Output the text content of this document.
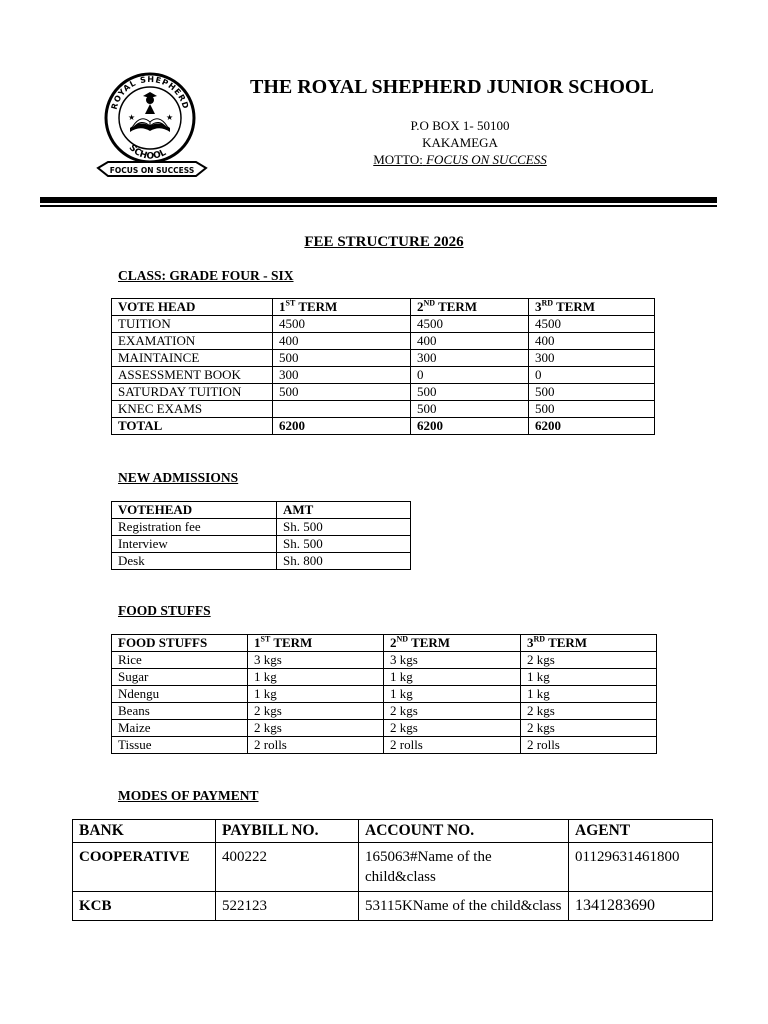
ROYAL SHEPHERD
SCHOOL
★	★
FOCUS ON SUCCESS
THE ROYAL SHEPHERD JUNIOR SCHOOL
P.O BOX 1- 50100
KAKAMEGA
MOTTO: FOCUS ON SUCCESS
FEE STRUCTURE 2026
CLASS: GRADE FOUR - SIX
VOTE HEAD	1ST TERM	2ND TERM	3RD TERM
TUITION	4500	4500	4500
EXAMATION	400	400	400
MAINTAINCE	500	300	300
ASSESSMENT BOOK	300	0	0
SATURDAY TUITION	500	500	500
KNEC EXAMS		500	500
TOTAL	6200	6200	6200
NEW ADMISSIONS
VOTEHEAD	AMT
Registration fee	Sh. 500
Interview	Sh. 500
Desk	Sh. 800
FOOD STUFFS
FOOD STUFFS	1ST TERM	2ND TERM	3RD TERM
Rice	3 kgs	3 kgs	2 kgs
Sugar	1 kg	1 kg	1 kg
Ndengu	1 kg	1 kg	1 kg
Beans	2 kgs	2 kgs	2 kgs
Maize	2 kgs	2 kgs	2 kgs
Tissue	2 rolls	2 rolls	2 rolls
MODES OF PAYMENT
BANK	PAYBILL NO.	ACCOUNT NO.	AGENT
COOPERATIVE	400222	165063#Name of the child&class	01129631461800
KCB	522123	53115KName of the child&class	1341283690
